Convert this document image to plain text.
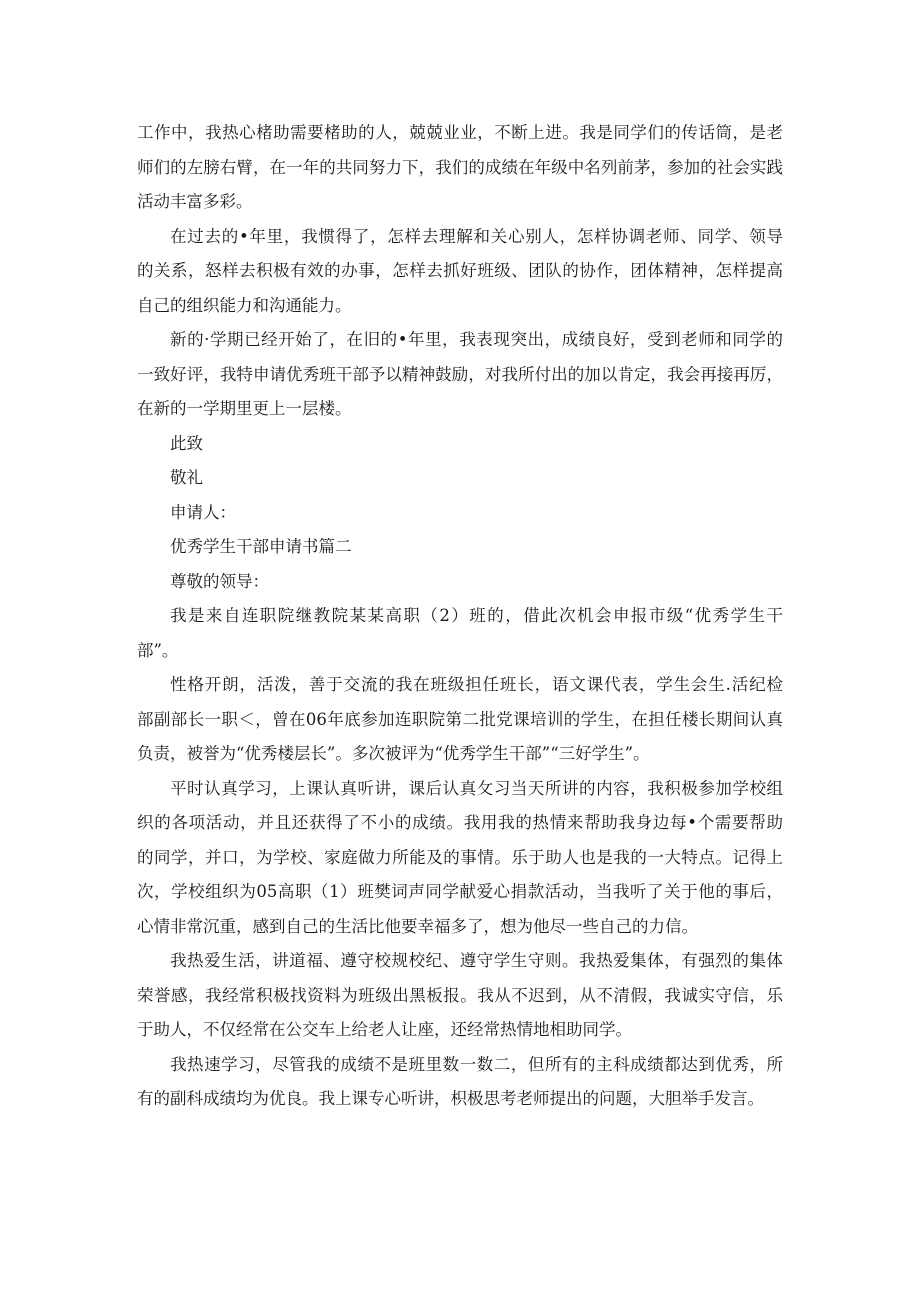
工作中，我热心楮助需要楮助的人，兢兢业业，不断上进。我是同学们的传话筒，是老
师们的左膀右臂，在一年的共同努力下，我们的成绩在年级中名列前茅，参加的社会实践
活动丰富多彩。
在过去的•年里，我惯得了，怎样去理解和关心别人，怎样协调老师、同学、领导
的关系，怒样去积极有效的办事，怎样去抓好班级、团队的协作，团体精神，怎样提高
自己的组织能力和沟通能力。
新的·学期已经开始了，在旧的•年里，我表现突出，成绩良好，受到老师和同学的
一致好评，我特申请优秀班干部予以精神鼓励，对我所付出的加以肯定，我会再接再厉，
在新的一学期里更上一层楼。
此致
敬礼
申请人：
优秀学生干部申请书篇二
尊敬的领导：
我是来自连职院继教院某某高职（2）班的，借此次机会申报市级“优秀学生干
部”。
性格开朗，活泼，善于交流的我在班级担任班长，语文课代表，学生会生.活纪检
部副部长一职＜，曾在06年底参加连职院第二批党课培训的学生，在担任楼长期间认真
负责，被誉为“优秀楼层长”。多次被评为“优秀学生干部”“三好学生”。
平时认真学习，上课认真听讲，课后认真攵习当天所讲的内容，我积极参加学校组
织的各项活动，并且还获得了不小的成绩。我用我的热情来帮助我身边每•个需要帮助
的同学，并口，为学校、家庭做力所能及的事情。乐于助人也是我的一大特点。记得上
次，学校组织为05高职（1）班樊词声同学献爱心捐款活动，当我听了关于他的事后，
心情非常沉重，感到自己的生活比他要幸福多了，想为他尽一些自己的力信。
我热爱生活，讲道福、遵守校规校纪、遵守学生守则。我热爱集体，有强烈的集体
荣誉感，我经常积极找资料为班级出黑板报。我从不迟到，从不清假，我诚实守信，乐
于助人，不仅经常在公交车上给老人让座，还经常热情地相助同学。
我热速学习，尽管我的成绩不是班里数一数二，但所有的主科成绩都达到优秀，所
有的副科成绩均为优良。我上课专心听讲，枳极思考老师提出的问题，大胆举手发言。
